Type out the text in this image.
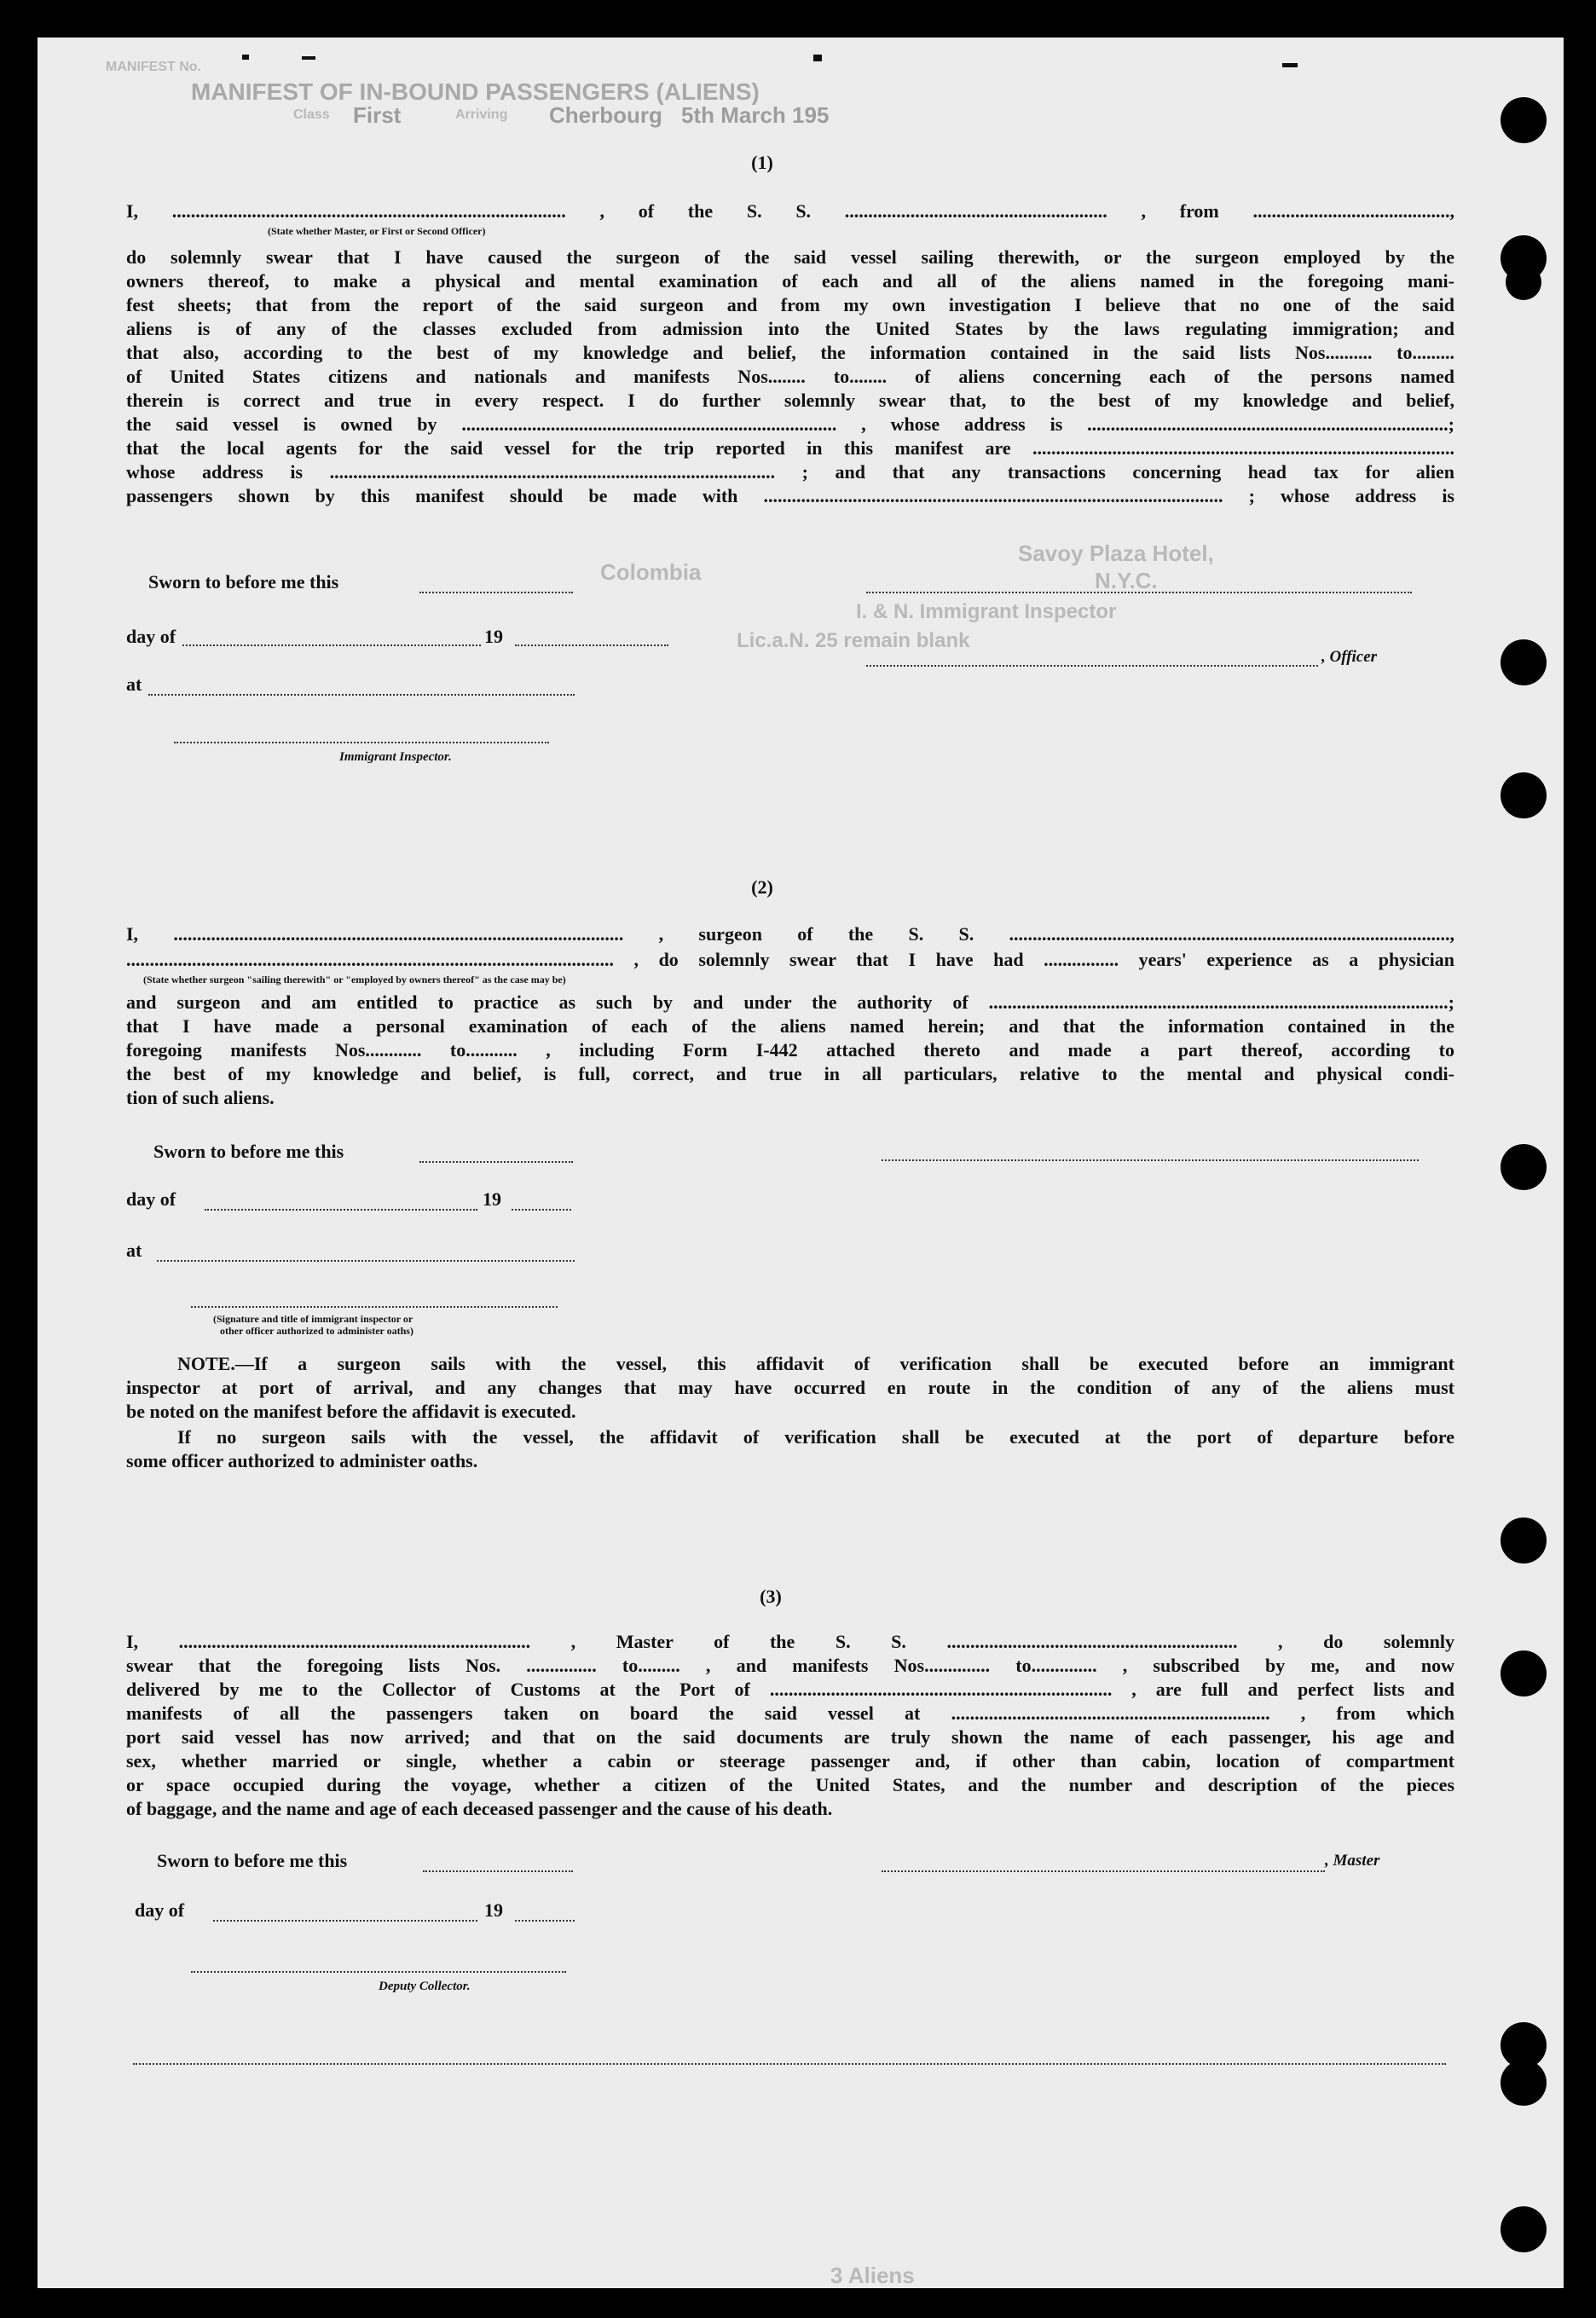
MANIFEST No.
MANIFEST OF IN-BOUND PASSENGERS (ALIENS)
Class First	Arriving Cherbourg 5th March 195
Savoy Plaza Hotel,
N.Y.C.
Colombia
I. & N. Immigrant Inspector
Lic.a.N. 25 remain blank
3 Aliens
(1)
I, .................................................................................... , of the S. S. ........................................................ , from ..........................................,
(State whether Master, or First or Second Officer)
do solemnly swear that I have caused the surgeon of the said vessel sailing therewith, or the surgeon employed by the
owners thereof, to make a physical and mental examination of each and all of the aliens named in the foregoing mani-
fest sheets; that from the report of the said surgeon and from my own investigation I believe that no one of the said
aliens is of any of the classes excluded from admission into the United States by the laws regulating immigration; and
that also, according to the best of my knowledge and belief, the information contained in the said lists Nos.......... to.........
of United States citizens and nationals and manifests Nos........ to........ of aliens concerning each of the persons named
therein is correct and true in every respect. I do further solemnly swear that, to the best of my knowledge and belief,
the said vessel is owned by ................................................................................ , whose address is .............................................................................;
that the local agents for the said vessel for the trip reported in this manifest are ..........................................................................................
whose address is ............................................................................................... ; and that any transactions concerning head tax for alien
passengers shown by this manifest should be made with .................................................................................................. ; whose address is
Sworn to before me this
day of	19
, Officer
at
Immigrant Inspector.
(2)
I, ................................................................................................ , surgeon of the S. S. ..............................................................................................,
........................................................................................................ , do solemnly swear that I have had ................ years' experience as a physician
(State whether surgeon "sailing therewith" or "employed by owners thereof" as the case may be)
and surgeon and am entitled to practice as such by and under the authority of ..................................................................................................;
that I have made a personal examination of each of the aliens named herein; and that the information contained in the
foregoing manifests Nos............ to........... , including Form I-442 attached thereto and made a part thereof, according to
the best of my knowledge and belief, is full, correct, and true in all particulars, relative to the mental and physical condi-
tion of such aliens.
Sworn to before me this
day of	19
at
(Signature and title of immigrant inspector or
other officer authorized to administer oaths)
NOTE.—If a surgeon sails with the vessel, this affidavit of verification shall be executed before an immigrant
inspector at port of arrival, and any changes that may have occurred en route in the condition of any of the aliens must
be noted on the manifest before the affidavit is executed.
If no surgeon sails with the vessel, the affidavit of verification shall be executed at the port of departure before
some officer authorized to administer oaths.
(3)
I, ........................................................................... , Master of the S. S. .............................................................. , do solemnly
swear that the foregoing lists Nos. ............... to......... , and manifests Nos.............. to.............. , subscribed by me, and now
delivered by me to the Collector of Customs at the Port of ......................................................................... , are full and perfect lists and
manifests of all the passengers taken on board the said vessel at .................................................................... , from which
port said vessel has now arrived; and that on the said documents are truly shown the name of each passenger, his age and
sex, whether married or single, whether a cabin or steerage passenger and, if other than cabin, location of compartment
or space occupied during the voyage, whether a citizen of the United States, and the number and description of the pieces
of baggage, and the name and age of each deceased passenger and the cause of his death.
Sworn to before me this	, Master
day of	19
Deputy Collector.
